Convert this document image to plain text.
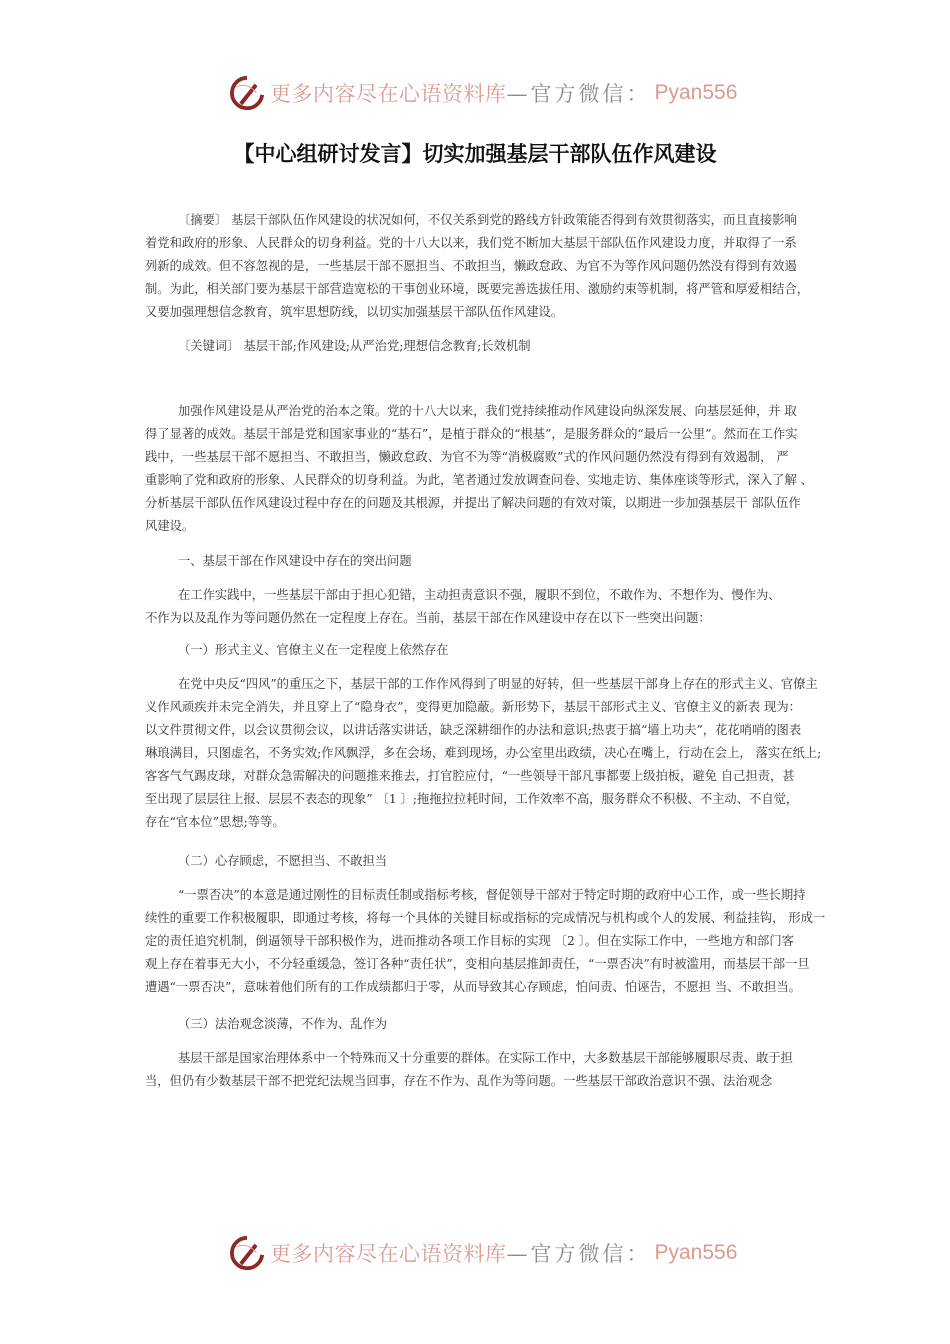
更多内容尽在心语资料库 —官方微信： Pyan556
【中心组研讨发言】切实加强基层干部队伍作风建设
〔摘要〕 基层干部队伍作风建设的状况如何，不仅关系到党的路线方针政策能否得到有效贯彻落实，而且直接影响
着党和政府的形象、人民群众的切身利益。党的十八大以来，我们党不断加大基层干部队伍作风建设力度，并取得了一系
列新的成效。但不容忽视的是，一些基层干部不愿担当、不敢担当，懒政怠政、为官不为等作风问题仍然没有得到有效遏
制。为此，相关部门要为基层干部营造宽松的干事创业环境，既要完善选拔任用、激励约束等机制，将严管和厚爱相结合，
又要加强理想信念教育，筑牢思想防线，以切实加强基层干部队伍作风建设。
〔关键词〕 基层干部;作风建设;从严治党;理想信念教育;长效机制
加强作风建设是从严治党的治本之策。党的十八大以来，我们党持续推动作风建设向纵深发展、向基层延伸，并 取
得了显著的成效。基层干部是党和国家事业的“基石”，是植于群众的“根基”，是服务群众的“最后一公里”。然而在工作实
践中，一些基层干部不愿担当、不敢担当，懒政怠政、为官不为等“消极腐败”式的作风问题仍然没有得到有效遏制， 严
重影响了党和政府的形象、人民群众的切身利益。为此，笔者通过发放调查问卷、实地走访、集体座谈等形式，深入了解 、
分析基层干部队伍作风建设过程中存在的问题及其根源，并提出了解决问题的有效对策，以期进一步加强基层干 部队伍作
风建设。
一、基层干部在作风建设中存在的突出问题
在工作实践中，一些基层干部由于担心犯错，主动担责意识不强，履职不到位，不敢作为、不想作为、慢作为、
不作为以及乱作为等问题仍然在一定程度上存在。当前，基层干部在作风建设中存在以下一些突出问题：
（一）形式主义、官僚主义在一定程度上依然存在
在党中央反“四风”的重压之下，基层干部的工作作风得到了明显的好转，但一些基层干部身上存在的形式主义、官僚主
义作风顽疾并未完全消失，并且穿上了“隐身衣”，变得更加隐蔽。新形势下，基层干部形式主义、官僚主义的新表 现为：
以文件贯彻文件，以会议贯彻会议，以讲话落实讲话，缺乏深耕细作的办法和意识;热衷于搞“墙上功夫”，花花哨哨的图表
琳琅满目，只图虚名，不务实效;作风飘浮，多在会场，难到现场，办公室里出政绩，决心在嘴上，行动在会上， 落实在纸上;
客客气气踢皮球，对群众急需解决的问题推来推去，打官腔应付，“一些领导干部凡事都要上级拍板，避免 自己担责，甚
至出现了层层往上报、层层不表态的现象” 〔1 〕;拖拖拉拉耗时间，工作效率不高，服务群众不积极、不主动、不自觉，
存在“官本位”思想;等等。
（二）心存顾虑，不愿担当、不敢担当
“一票否决”的本意是通过刚性的目标责任制或指标考核，督促领导干部对于特定时期的政府中心工作，或一些长期持
续性的重要工作积极履职，即通过考核，将每一个具体的关键目标或指标的完成情况与机构或个人的发展、利益挂钩， 形成一
定的责任追究机制，倒逼领导干部积极作为，进而推动各项工作目标的实现 〔2 〕。但在实际工作中，一些地方和部门客
观上存在着事无大小，不分轻重缓急，签订各种“责任状”，变相向基层推卸责任，“一票否决”有时被滥用，而基层干部一旦
遭遇“一票否决”，意味着他们所有的工作成绩都归于零，从而导致其心存顾虑，怕问责、怕诬告，不愿担 当、不敢担当。
（三）法治观念淡薄，不作为、乱作为
基层干部是国家治理体系中一个特殊而又十分重要的群体。在实际工作中，大多数基层干部能够履职尽责、敢于担
当，但仍有少数基层干部不把党纪法规当回事，存在不作为、乱作为等问题。一些基层干部政治意识不强、法治观念
更多内容尽在心语资料库 —官方微信： Pyan556
